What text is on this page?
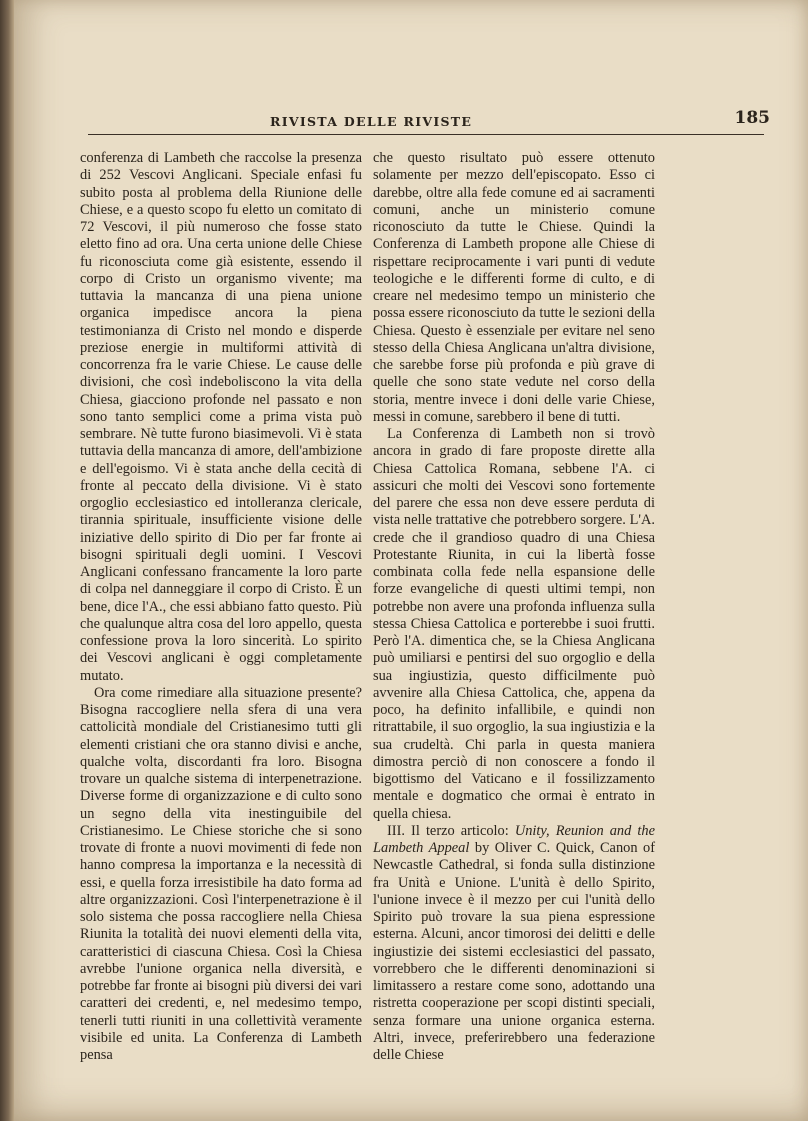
RIVISTA DELLE RIVISTE	185

conferenza di Lambeth che raccolse la presenza di 252 Vescovi Anglicani. Speciale enfasi fu subito posta al problema della Riunione delle Chiese, e a questo scopo fu eletto un comitato di 72 Vescovi, il più numeroso che fosse stato eletto fino ad ora. Una certa unione delle Chiese fu riconosciuta come già esistente, essendo il corpo di Cristo un organismo vivente; ma tuttavia la mancanza di una piena unione organica impedisce ancora la piena testimonianza di Cristo nel mondo e disperde preziose energie in multiformi attività di concorrenza fra le varie Chiese. Le cause delle divisioni, che così indeboliscono la vita della Chiesa, giacciono profonde nel passato e non sono tanto semplici come a prima vista può sembrare. Nè tutte furono biasimevoli. Vi è stata tuttavia della mancanza di amore, dell'ambizione e dell'egoismo. Vi è stata anche della cecità di fronte al peccato della divisione. Vi è stato orgoglio ecclesiastico ed intolleranza clericale, tirannia spirituale, insufficiente visione delle iniziative dello spirito di Dio per far fronte ai bisogni spirituali degli uomini. I Vescovi Anglicani confessano francamente la loro parte di colpa nel danneggiare il corpo di Cristo. È un bene, dice l'A., che essi abbiano fatto questo. Più che qualunque altra cosa del loro appello, questa confessione prova la loro sincerità. Lo spirito dei Vescovi anglicani è oggi completamente mutato.

Ora come rimediare alla situazione presente? Bisogna raccogliere nella sfera di una vera cattolicità mondiale del Cristianesimo tutti gli elementi cristiani che ora stanno divisi e anche, qualche volta, discordanti fra loro. Bisogna trovare un qualche sistema di interpenetrazione. Diverse forme di organizzazione e di culto sono un segno della vita inestinguibile del Cristianesimo. Le Chiese storiche che si sono trovate di fronte a nuovi movimenti di fede non hanno compresa la importanza e la necessità di essi, e quella forza irresistibile ha dato forma ad altre organizzazioni. Così l'interpenetrazione è il solo sistema che possa raccogliere nella Chiesa Riunita la totalità dei nuovi elementi della vita, caratteristici di ciascuna Chiesa. Così la Chiesa avrebbe l'unione organica nella diversità, e potrebbe far fronte ai bisogni più diversi dei vari caratteri dei credenti, e, nel medesimo tempo, tenerli tutti riuniti in una collettività veramente visibile ed unita. La Conferenza di Lambeth pensa

che questo risultato può essere ottenuto solamente per mezzo dell'episcopato. Esso ci darebbe, oltre alla fede comune ed ai sacramenti comuni, anche un ministerio comune riconosciuto da tutte le Chiese. Quindi la Conferenza di Lambeth propone alle Chiese di rispettare reciprocamente i vari punti di vedute teologiche e le differenti forme di culto, e di creare nel medesimo tempo un ministerio che possa essere riconosciuto da tutte le sezioni della Chiesa. Questo è essenziale per evitare nel seno stesso della Chiesa Anglicana un'altra divisione, che sarebbe forse più profonda e più grave di quelle che sono state vedute nel corso della storia, mentre invece i doni delle varie Chiese, messi in comune, sarebbero il bene di tutti.

La Conferenza di Lambeth non si trovò ancora in grado di fare proposte dirette alla Chiesa Cattolica Romana, sebbene l'A. ci assicuri che molti dei Vescovi sono fortemente del parere che essa non deve essere perduta di vista nelle trattative che potrebbero sorgere. L'A. crede che il grandioso quadro di una Chiesa Protestante Riunita, in cui la libertà fosse combinata colla fede nella espansione delle forze evangeliche di questi ultimi tempi, non potrebbe non avere una profonda influenza sulla stessa Chiesa Cattolica e porterebbe i suoi frutti. Però l'A. dimentica che, se la Chiesa Anglicana può umiliarsi e pentirsi del suo orgoglio e della sua ingiustizia, questo difficilmente può avvenire alla Chiesa Cattolica, che, appena da poco, ha definito infallibile, e quindi non ritrattabile, il suo orgoglio, la sua ingiustizia e la sua crudeltà. Chi parla in questa maniera dimostra perciò di non conoscere a fondo il bigottismo del Vaticano e il fossilizzamento mentale e dogmatico che ormai è entrato in quella chiesa.

III. Il terzo articolo: Unity, Reunion and the Lambeth Appeal by Oliver C. Quick, Canon of Newcastle Cathedral, si fonda sulla distinzione fra Unità e Unione. L'unità è dello Spirito, l'unione invece è il mezzo per cui l'unità dello Spirito può trovare la sua piena espressione esterna. Alcuni, ancor timorosi dei delitti e delle ingiustizie dei sistemi ecclesiastici del passato, vorrebbero che le differenti denominazioni si limitassero a restare come sono, adottando una ristretta cooperazione per scopi distinti speciali, senza formare una unione organica esterna. Altri, invece, preferirebbero una federazione delle Chiese
